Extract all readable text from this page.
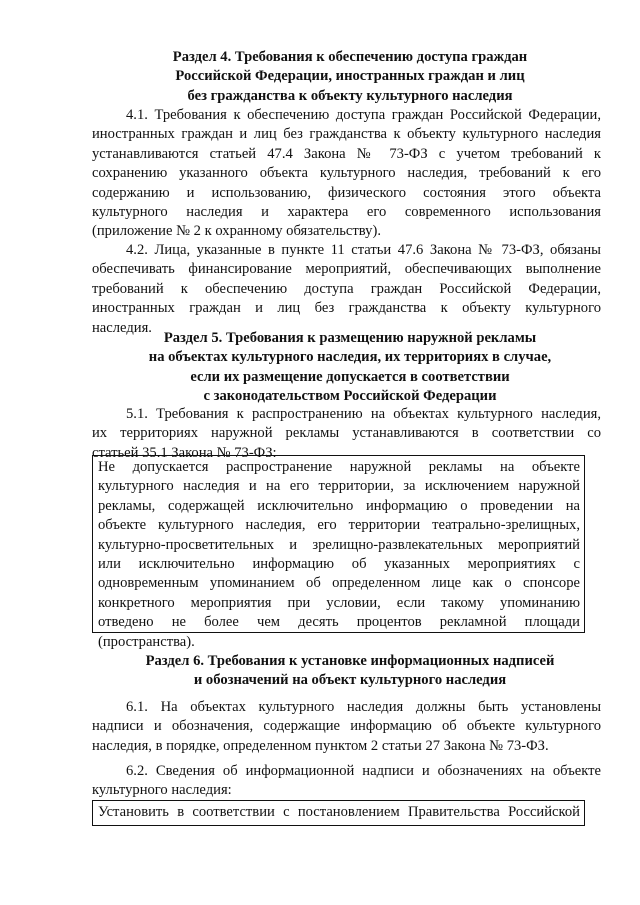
Раздел 4. Требования к обеспечению доступа граждан
Российской Федерации, иностранных граждан и лиц
без гражданства к объекту культурного наследия
4.1. Требования к обеспечению доступа граждан Российской Федерации,
иностранных граждан и лиц без гражданства к объекту культурного наследия
устанавливаются статьей 47.4 Закона № 73-ФЗ с учетом требований к
сохранению указанного объекта культурного наследия, требований к его
содержанию и использованию, физического состояния этого объекта
культурного наследия и характера его современного использования
(приложение № 2 к охранному обязательству).
4.2. Лица, указанные в пункте 11 статьи 47.6 Закона № 73-ФЗ, обязаны
обеспечивать финансирование мероприятий, обеспечивающих выполнение
требований к обеспечению доступа граждан Российской Федерации,
иностранных граждан и лиц без гражданства к объекту культурного
наследия.
Раздел 5. Требования к размещению наружной рекламы
на объектах культурного наследия, их территориях в случае,
если их размещение допускается в соответствии
с законодательством Российской Федерации
5.1. Требования к распространению на объектах культурного наследия,
их территориях наружной рекламы устанавливаются в соответствии со
статьей 35.1 Закона № 73-ФЗ:
Не допускается распространение наружной рекламы на объекте
культурного наследия и на его территории, за исключением наружной
рекламы, содержащей исключительно информацию о проведении на
объекте культурного наследия, его территории театрально-зрелищных,
культурно-просветительных и зрелищно-развлекательных мероприятий
или исключительно информацию об указанных мероприятиях с
одновременным упоминанием об определенном лице как о спонсоре
конкретного мероприятия при условии, если такому упоминанию
отведено не более чем десять процентов рекламной площади
(пространства).
Раздел 6. Требования к установке информационных надписей
и обозначений на объект культурного наследия
6.1. На объектах культурного наследия должны быть установлены
надписи и обозначения, содержащие информацию об объекте культурного
наследия, в порядке, определенном пунктом 2 статьи 27 Закона № 73-ФЗ.
6.2. Сведения об информационной надписи и обозначениях на объекте
культурного наследия:
Установить в соответствии с постановлением Правительства Российской
